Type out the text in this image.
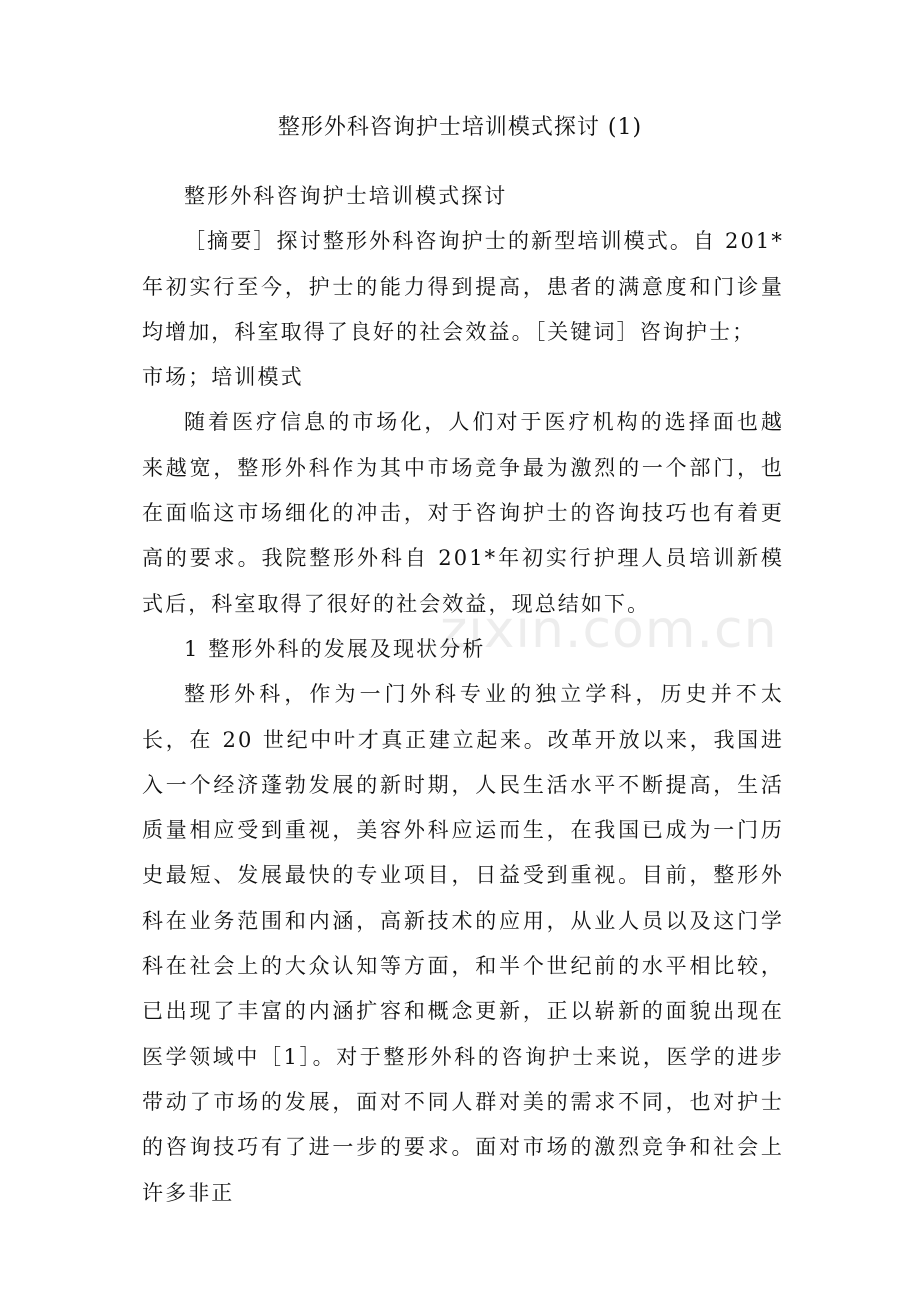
整形外科咨询护士培训模式探讨 (1)

整形外科咨询护士培训模式探讨

［摘要］探讨整形外科咨询护士的新型培训模式。自 201*年初实行至今，护士的能力得到提高，患者的满意度和门诊量均增加，科室取得了良好的社会效益。［关键词］咨询护士；

市场；培训模式

随着医疗信息的市场化，人们对于医疗机构的选择面也越来越宽，整形外科作为其中市场竞争最为激烈的一个部门，也在面临这市场细化的冲击，对于咨询护士的咨询技巧也有着更高的要求。我院整形外科自 201*年初实行护理人员培训新模式后，科室取得了很好的社会效益，现总结如下。

1 整形外科的发展及现状分析

整形外科，作为一门外科专业的独立学科，历史并不太长，在 20 世纪中叶才真正建立起来。改革开放以来，我国进入一个经济蓬勃发展的新时期，人民生活水平不断提高，生活质量相应受到重视，美容外科应运而生，在我国已成为一门历史最短、发展最快的专业项目，日益受到重视。目前，整形外科在业务范围和内涵，高新技术的应用，从业人员以及这门学科在社会上的大众认知等方面，和半个世纪前的水平相比较，已出现了丰富的内涵扩容和概念更新，正以崭新的面貌出现在医学领域中［1］。对于整形外科的咨询护士来说，医学的进步带动了市场的发展，面对不同人群对美的需求不同，也对护士的咨询技巧有了进一步的要求。面对市场的激烈竞争和社会上许多非正

zixin.com.cn
